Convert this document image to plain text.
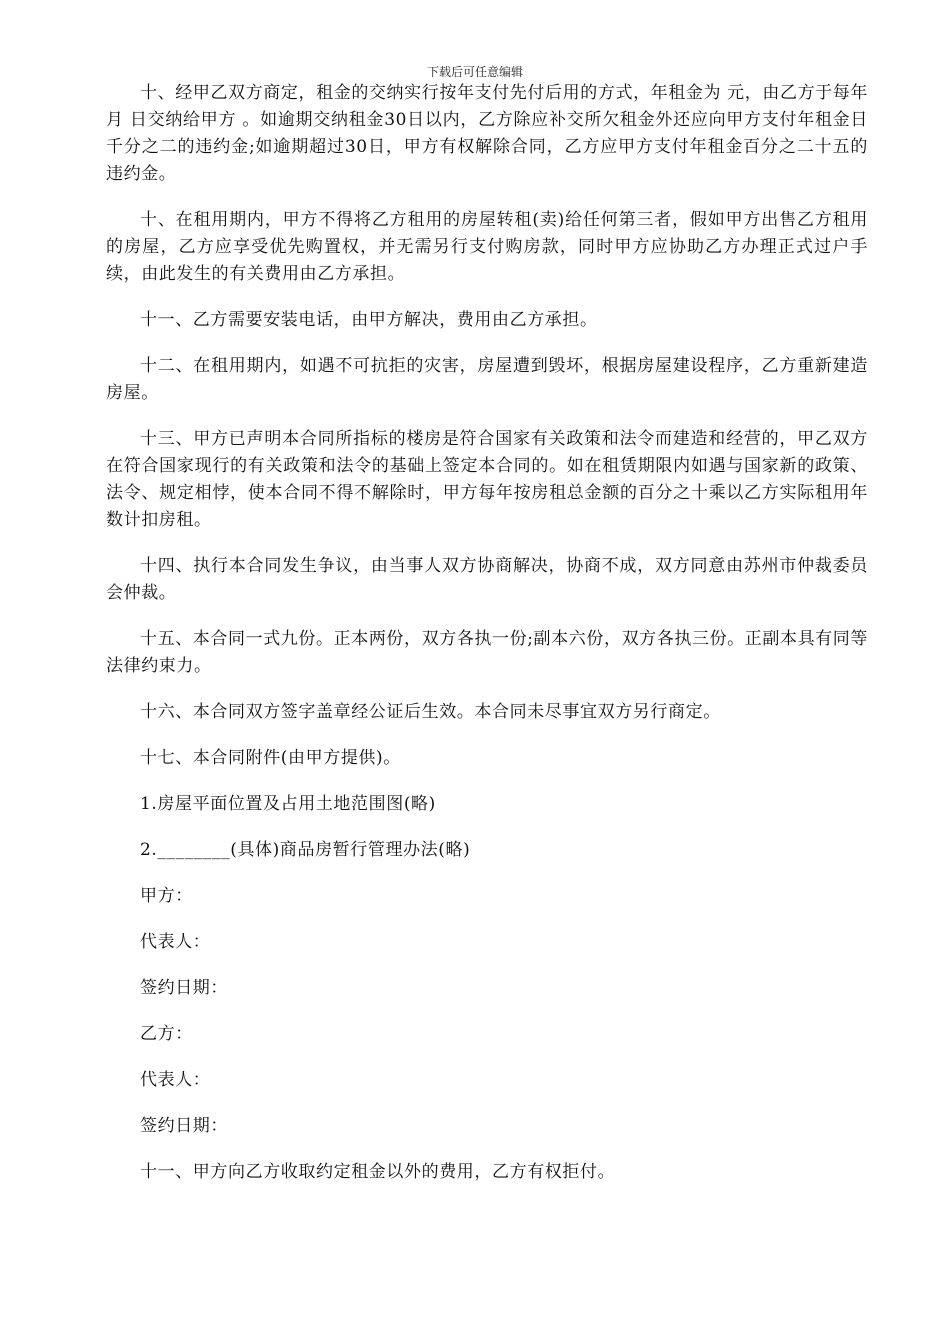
下载后可任意编辑

十、经甲乙双方商定，租金的交纳实行按年支付先付后用的方式，年租金为 元，由乙方于每年 月 日交纳给甲方 。如逾期交纳租金30日以内，乙方除应补交所欠租金外还应向甲方支付年租金日千分之二的违约金;如逾期超过30日，甲方有权解除合同，乙方应甲方支付年租金百分之二十五的违约金。

十、在租用期内，甲方不得将乙方租用的房屋转租(卖)给任何第三者，假如甲方出售乙方租用的房屋，乙方应享受优先购置权，并无需另行支付购房款，同时甲方应协助乙方办理正式过户手续，由此发生的有关费用由乙方承担。

十一、乙方需要安装电话，由甲方解决，费用由乙方承担。

十二、在租用期内，如遇不可抗拒的灾害，房屋遭到毁坏，根据房屋建设程序，乙方重新建造房屋。

十三、甲方已声明本合同所指标的楼房是符合国家有关政策和法令而建造和经营的，甲乙双方在符合国家现行的有关政策和法令的基础上签定本合同的。如在租赁期限内如遇与国家新的政策、法令、规定相悖，使本合同不得不解除时，甲方每年按房租总金额的百分之十乘以乙方实际租用年数计扣房租。

十四、执行本合同发生争议，由当事人双方协商解决，协商不成，双方同意由苏州市仲裁委员会仲裁。

十五、本合同一式九份。正本两份，双方各执一份;副本六份，双方各执三份。正副本具有同等法律约束力。

十六、本合同双方签字盖章经公证后生效。本合同未尽事宜双方另行商定。

十七、本合同附件(由甲方提供)。

1.房屋平面位置及占用土地范围图(略)

2.________(具体)商品房暂行管理办法(略)

甲方：

代表人：

签约日期：

乙方：

代表人：

签约日期：

十一、甲方向乙方收取约定租金以外的费用，乙方有权拒付。
